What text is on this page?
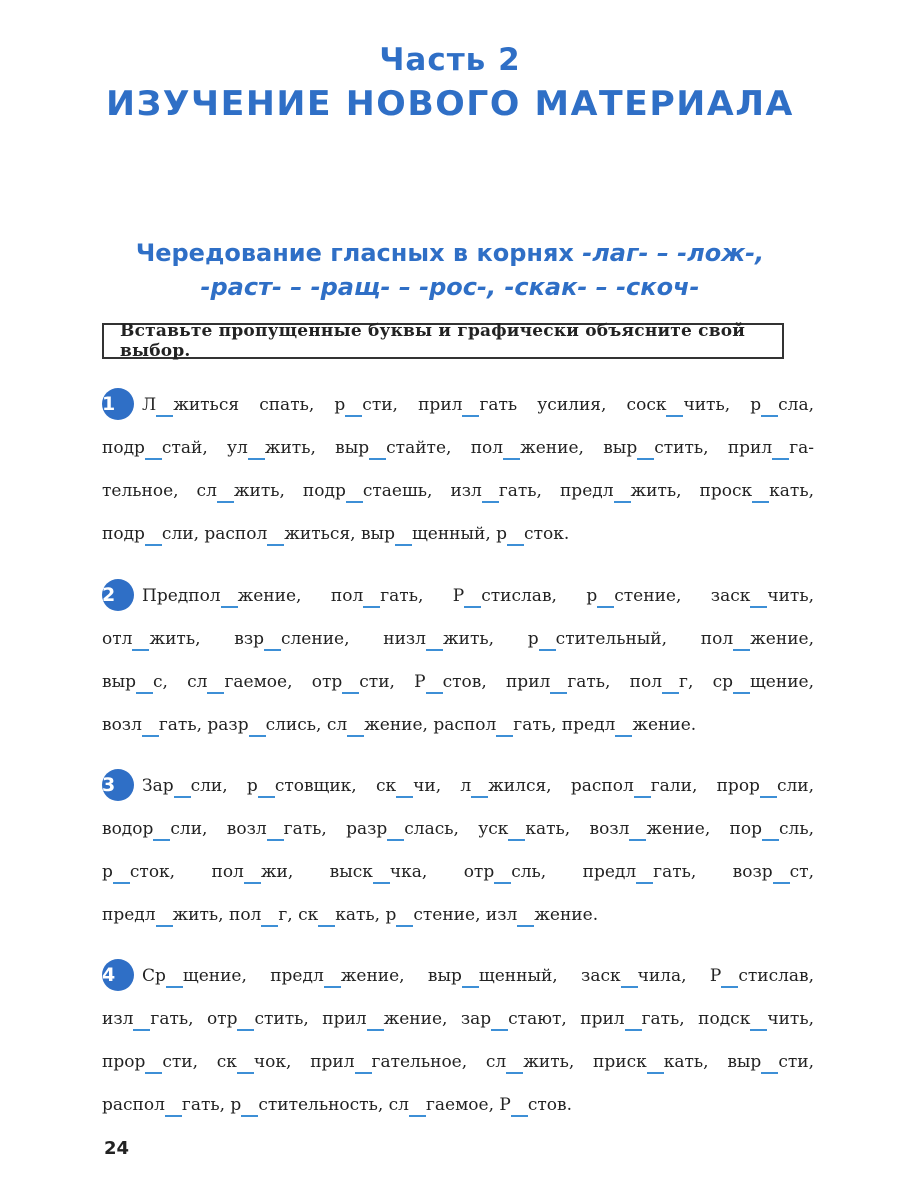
Часть 2
ИЗУЧЕНИЕ НОВОГО МАТЕРИАЛА
Чередование гласных в корнях -лаг- – -лож-,
-раст- – -ращ- – -рос-, -скак- – -скоч-
Вставьте пропущенные буквы и графически объясните свой выбор.
1 Л   житься спать, р   сти, прил   гать усилия, соск   чить, р   сла,
подр   стай, ул   жить, выр   стайте, пол   жение, выр   стить, прил   га-
тельное, сл   жить, подр   стаешь, изл   гать, предл   жить, проск   кать,
подр   сли, распол   житься, выр   щенный, р   сток.
2 Предпол   жение, пол   гать, Р   стислав, р   стение, заск   чить,
отл   жить, взр   сление, низл   жить, р   стительный, пол   жение,
выр   с, сл   гаемое, отр   сти, Р   стов, прил   гать, пол   г, ср   щение,
возл   гать, разр   слись, сл   жение, распол   гать, предл   жение.
3 Зар   сли, р   стовщик, ск   чи, л   жился, распол   гали, прор   сли,
водор   сли, возл   гать, разр   слась, уск   кать, возл   жение, пор   сль,
р   сток, пол   жи, выск   чка, отр   сль, предл   гать, возр   ст,
предл   жить, пол   г, ск   кать, р   стение, изл   жение.
4 Ср   щение, предл   жение, выр   щенный, заск   чила, Р   стислав,
изл   гать, отр   стить, прил   жение, зар   стают, прил   гать, подск   чить,
прор   сти, ск   чок, прил   гательное, сл   жить, приск   кать, выр   сти,
распол   гать, р   стительность, сл   гаемое, Р   стов.
24
